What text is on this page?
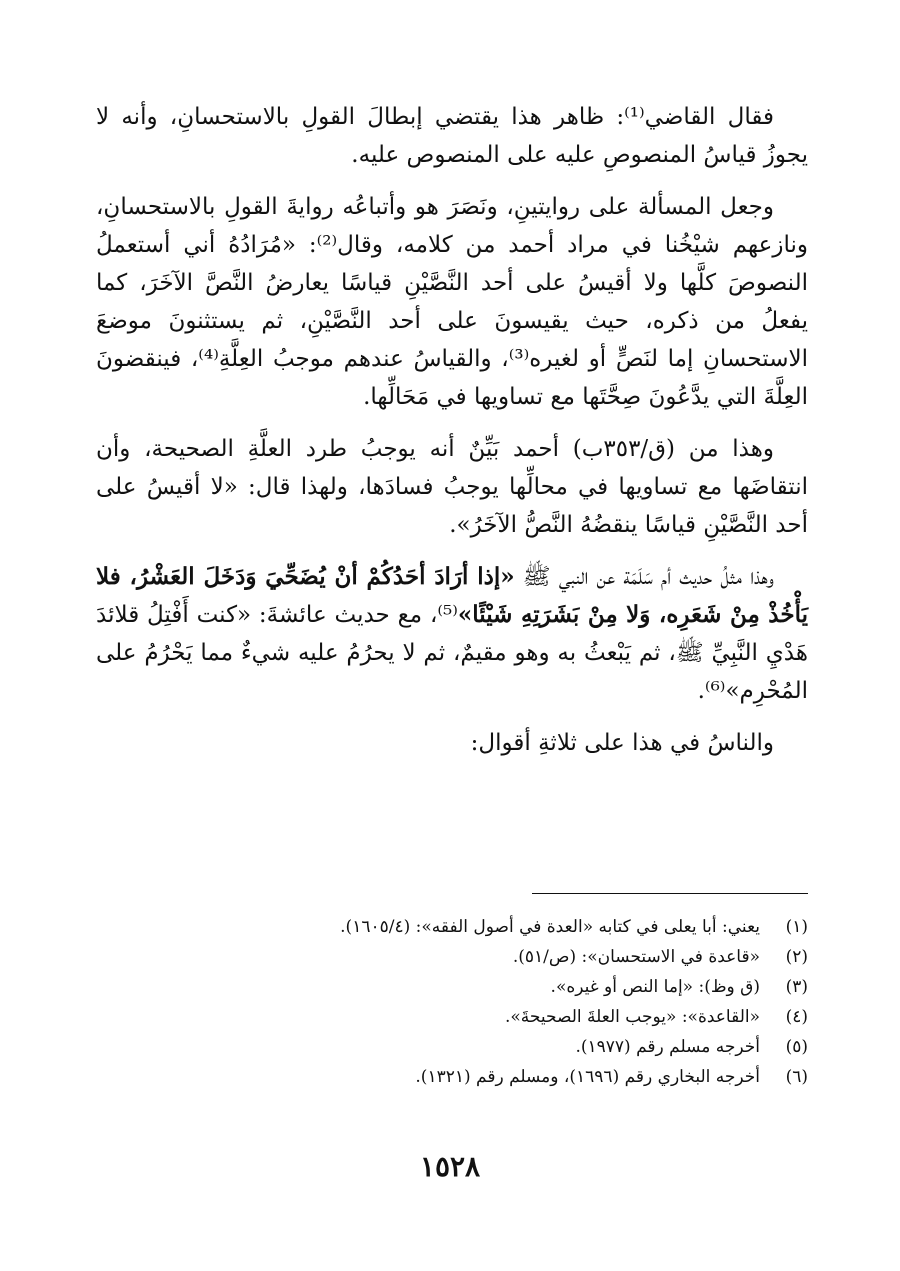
فقال القاضي⁽¹⁾: ظاهر هذا يقتضي إبطالَ القولِ بالاستحسانِ، وأنه لا يجوزُ قياسُ المنصوصِ عليه على المنصوص عليه.

وجعل المسألة على روايتينِ، ونَصَرَ هو وأتباعُه روايةَ القولِ بالاستحسانِ، ونازعهم شيْخُنا في مراد أحمد من كلامه، وقال⁽²⁾: «مُرَادُهُ أني أستعملُ النصوصَ كلَّها ولا أقيسُ على أحد النَّصَّيْنِ قياسًا يعارضُ النَّصَّ الآخَرَ، كما يفعلُ من ذكره، حيث يقيسونَ على أحد النَّصَّيْنِ، ثم يستثنونَ موضعَ الاستحسانِ إما لنَصٍّ أو لغيره⁽³⁾، والقياسُ عندهم موجبُ العِلَّةِ⁽⁴⁾، فينقضونَ العِلَّةَ التي يدَّعُونَ صِحَّتَها مع تساويها في مَحَالِّها.

وهذا من (ق/٣٥٣ب) أحمد بَيِّنٌ أنه يوجبُ طرد العلَّةِ الصحيحة، وأن انتقاضَها مع تساويها في محالِّها يوجبُ فسادَها، ولهذا قال: «لا أقيسُ على أحد النَّصَّيْنِ قياسًا ينقضُهُ النَّصُّ الآخَرُ».

وهذا مثلُ حديث أم سَلَمَة عن النبي ﷺ «إذا أرَادَ أحَدُكُمْ أنْ يُضَحِّيَ وَدَخَلَ العَشْرُ، فلا يَأْخُذْ مِنْ شَعَرِه، وَلا مِنْ بَشَرَتِهِ شَيْئًا»⁽⁵⁾، مع حديث عائشةَ: «كنت أَفْتِلُ قلائدَ هَدْيِ النَّبِيِّ ﷺ، ثم يَبْعثُ به وهو مقيمٌ، ثم لا يحرُمُ عليه شيءٌ مما يَحْرُمُ على المُحْرِم»⁽⁶⁾.

والناسُ في هذا على ثلاثةِ أقوال:

(١)
يعني: أبا يعلى في كتابه «العدة في أصول الفقه»: (١٦٠٥/٤).
(٢)
«قاعدة في الاستحسان»: (ص/٥١).
(٣)
(ق وظ): «إما النص أو غيره».
(٤)
«القاعدة»: «يوجب العلةَ الصحيحةَ».
(٥)
أخرجه مسلم رقم (١٩٧٧).
(٦)
أخرجه البخاري رقم (١٦٩٦)، ومسلم رقم (١٣٢١).
١٥٢٨
